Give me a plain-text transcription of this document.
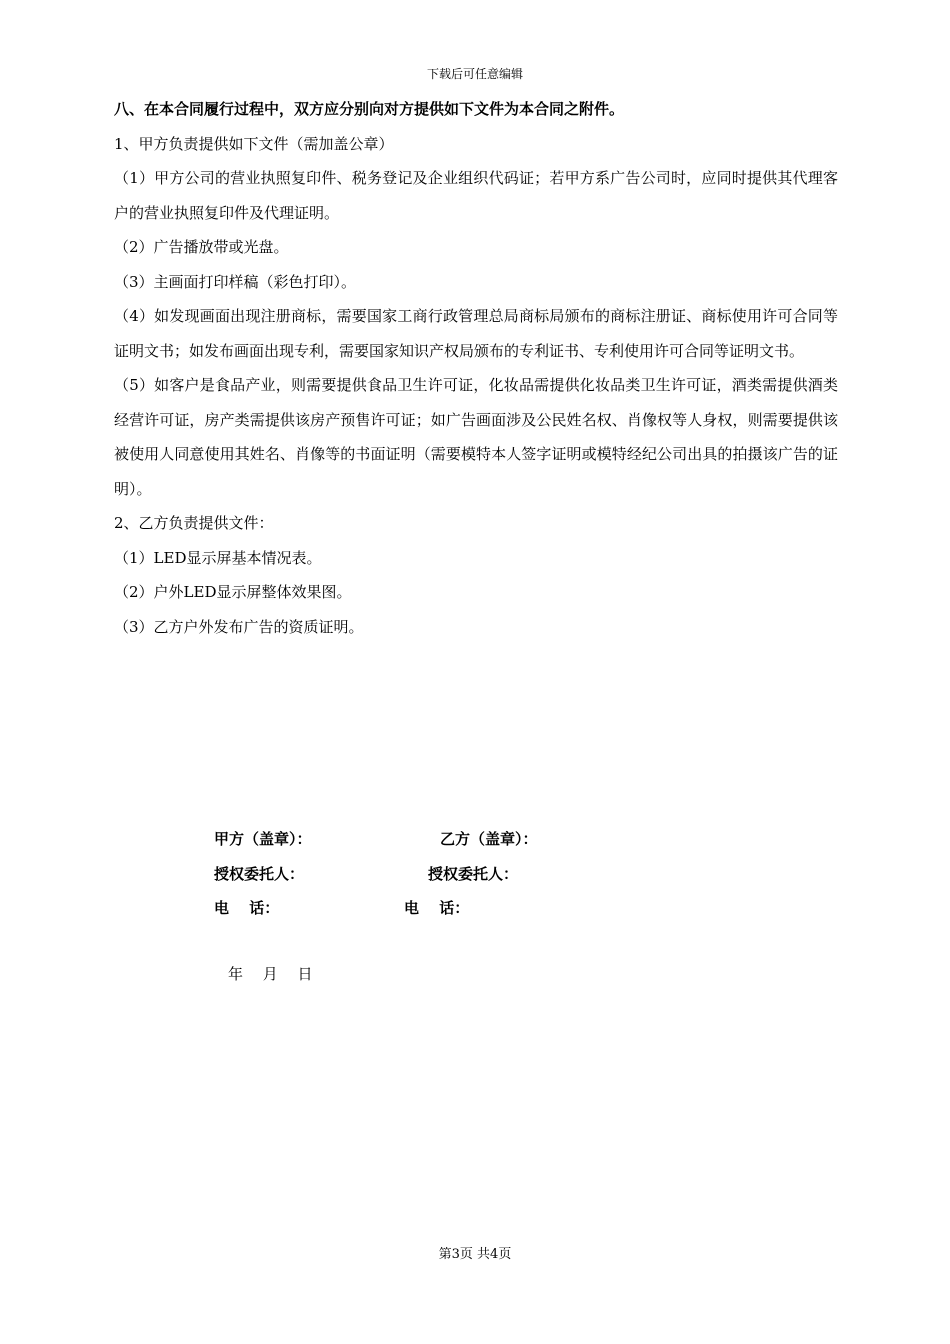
下载后可任意编辑

八、在本合同履行过程中，双方应分别向对方提供如下文件为本合同之附件。

1、甲方负责提供如下文件（需加盖公章）

（1）甲方公司的营业执照复印件、税务登记及企业组织代码证；若甲方系广告公司时，应同时提供其代理客户的营业执照复印件及代理证明。

（2）广告播放带或光盘。

（3）主画面打印样稿（彩色打印）。

（4）如发现画面出现注册商标，需要国家工商行政管理总局商标局颁布的商标注册证、商标使用许可合同等证明文书；如发布画面出现专利，需要国家知识产权局颁布的专利证书、专利使用许可合同等证明文书。

（5）如客户是食品产业，则需要提供食品卫生许可证，化妆品需提供化妆品类卫生许可证，酒类需提供酒类经营许可证，房产类需提供该房产预售许可证；如广告画面涉及公民姓名权、肖像权等人身权，则需要提供该被使用人同意使用其姓名、肖像等的书面证明（需要模特本人签字证明或模特经纪公司出具的拍摄该广告的证明）。

2、乙方负责提供文件：

（1）LED显示屏基本情况表。

（2）户外LED显示屏整体效果图。

（3）乙方户外发布广告的资质证明。

甲方（盖章）：	乙方（盖章）：
授权委托人：	授权委托人：
电　 话：	电　 话：
年　 月　 日
第3页 共4页
